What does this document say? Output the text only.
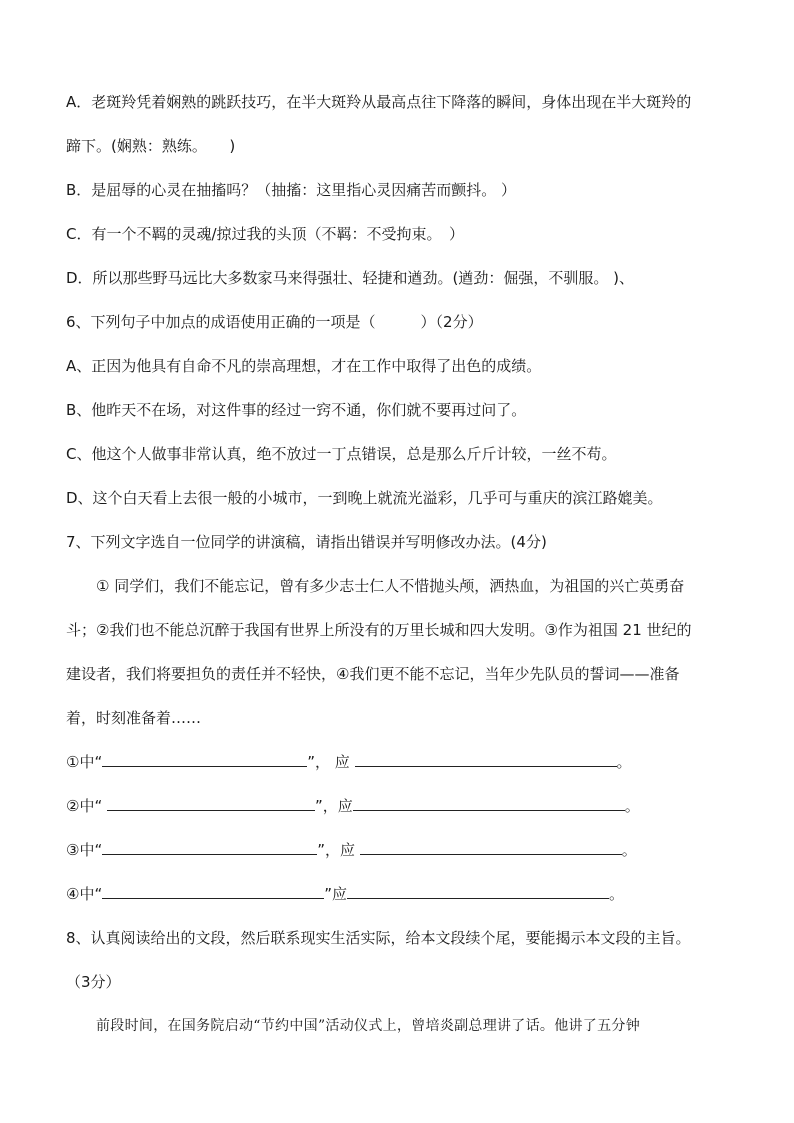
A．老斑羚凭着娴熟的跳跃技巧，在半大斑羚从最高点往下降落的瞬间，身体出现在半大斑羚的
蹄下。(娴熟：熟练。　　)
B．是屈辱的心灵在抽搐吗？（抽搐：这里指心灵因痛苦而颤抖。 ）
C．有一个不羁的灵魂/掠过我的头顶（不羁：不受拘束。　）
D．所以那些野马远比大多数家马来得强壮、轻捷和遒劲。(遒劲：倔强，不驯服。 )、
6、下列句子中加点的成语使用正确的一项是（　　　）（2分）
A、正因为他具有自命不凡的崇高理想，才在工作中取得了出色的成绩。
B、他昨天不在场，对这件事的经过一窍不通，你们就不要再过问了。
C、他这个人做事非常认真，绝不放过一丁点错误，总是那么斤斤计较，一丝不苟。
D、这个白天看上去很一般的小城市，一到晚上就流光溢彩，几乎可与重庆的滨江路媲美。
7、下列文字选自一位同学的讲演稿，请指出错误并写明修改办法。(4分)
① 同学们，我们不能忘记，曾有多少志士仁人不惜抛头颅，洒热血，为祖国的兴亡英勇奋
斗；②我们也不能总沉醉于我国有世界上所没有的万里长城和四大发明。③作为祖国 21 世纪的
建设者，我们将要担负的责任并不轻快，④我们更不能不忘记，当年少先队员的誓词——准备
着，时刻准备着……
①中“	”， 应	。
②中“	”，应	。
③中“	”，应	。
④中“	”应	。
8、认真阅读给出的文段，然后联系现实生活实际，给本文段续个尾，要能揭示本文段的主旨。
（3分）
前段时间，在国务院启动“节约中国”活动仪式上，曾培炎副总理讲了话。他讲了五分钟
